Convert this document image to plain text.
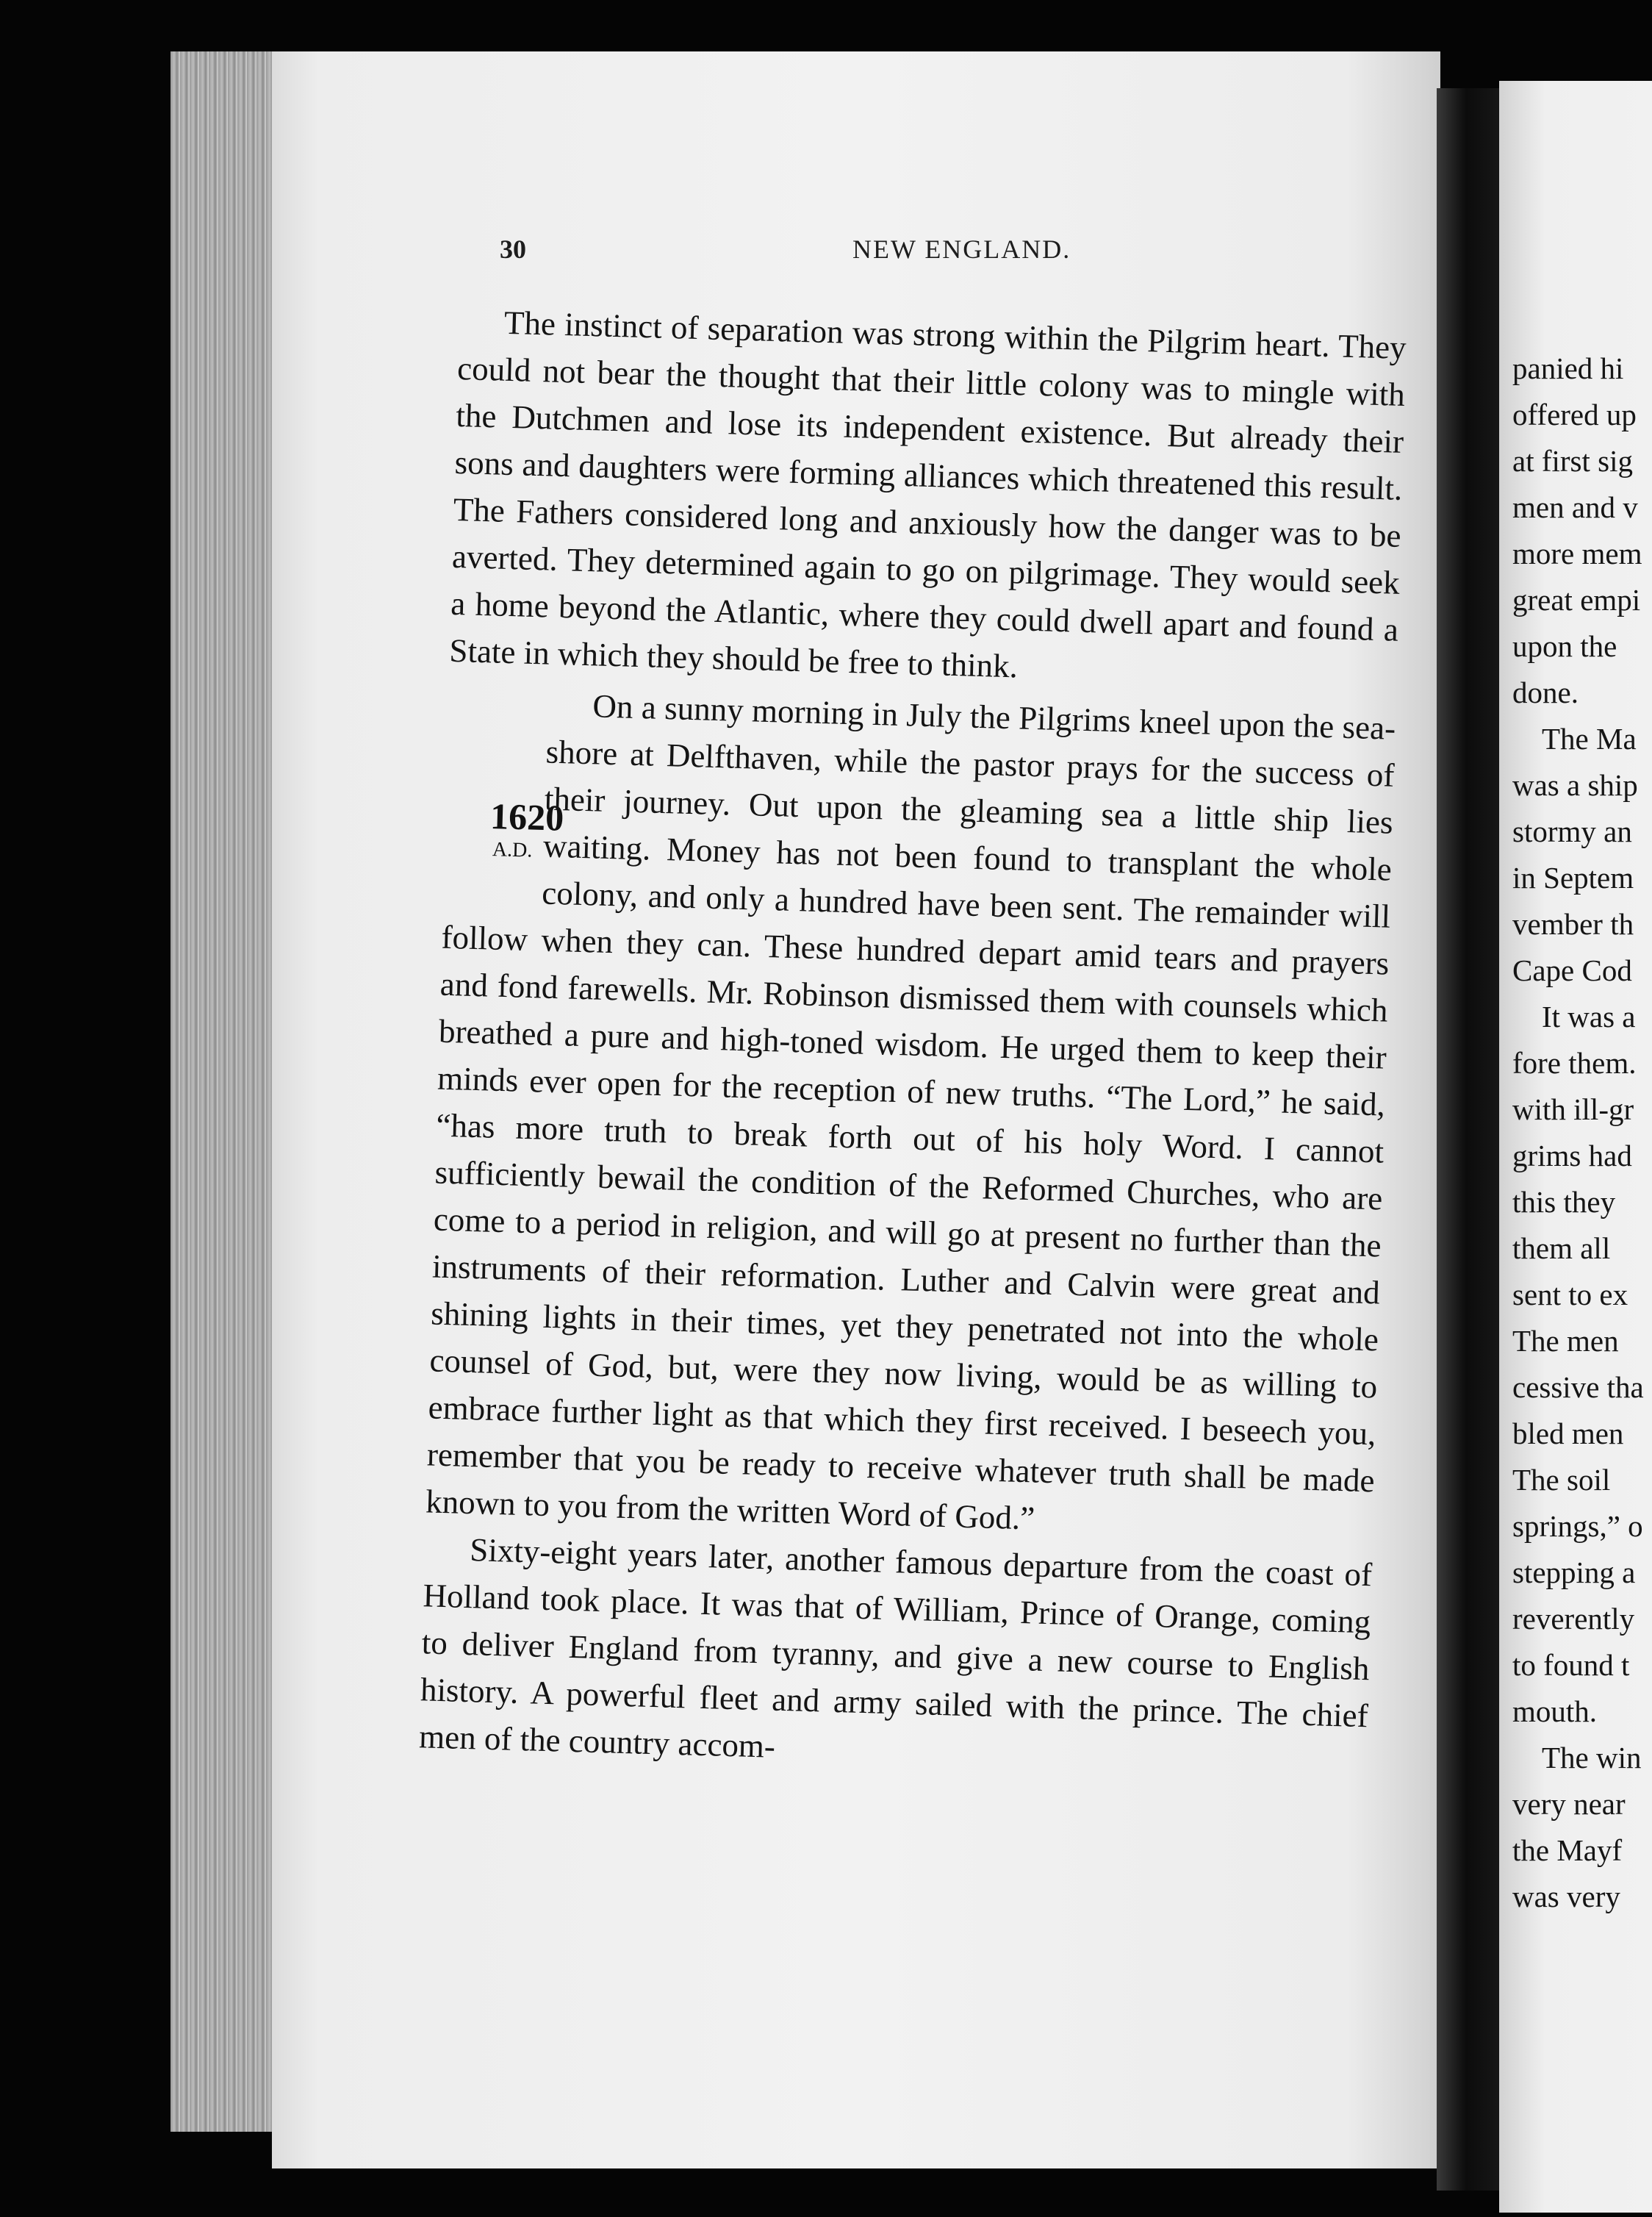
30	NEW ENGLAND.
1620
A.D.

The instinct of separation was strong within the Pilgrim heart. They could not bear the thought that their little colony was to mingle with the Dutchmen and lose its independent existence. But already their sons and daughters were forming alliances which threatened this result. The Fathers considered long and anxiously how the danger was to be averted. They determined again to go on pilgrimage. They would seek a home beyond the Atlantic, where they could dwell apart and found a State in which they should be free to think.

On a sunny morning in July the Pilgrims kneel upon the sea-shore at Delfthaven, while the pastor prays for the success of their journey. Out upon the gleaming sea a little ship lies waiting. Money has not been found to transplant the whole colony, and only a hundred have been sent. The remainder will follow when they can. These hundred depart amid tears and prayers and fond farewells. Mr. Robinson dismissed them with counsels which breathed a pure and high-toned wisdom. He urged them to keep their minds ever open for the reception of new truths. “The Lord,” he said, “has more truth to break forth out of his holy Word. I cannot sufficiently bewail the condition of the Reformed Churches, who are come to a period in religion, and will go at present no further than the instruments of their reformation. Luther and Calvin were great and shining lights in their times, yet they penetrated not into the whole counsel of God, but, were they now living, would be as willing to embrace further light as that which they first received. I beseech you, remember that you be ready to receive whatever truth shall be made known to you from the written Word of God.”

Sixty-eight years later, another famous departure from the coast of Holland took place. It was that of William, Prince of Orange, coming to deliver England from tyranny, and give a new course to English history. A powerful fleet and army sailed with the prince. The chief men of the country accom-

panied hi
offered up
at first sig
men and v
more mem
great empi
upon the
done.
The Ma
was a ship
stormy an
in Septem
vember th
Cape Cod
It was a
fore them.
with ill-gr
grims had
this they
them all
sent to ex
The men
cessive tha
bled men
The soil
springs,” o
stepping a
reverently
to found t
mouth.
The win
very near
the Mayf
was very
